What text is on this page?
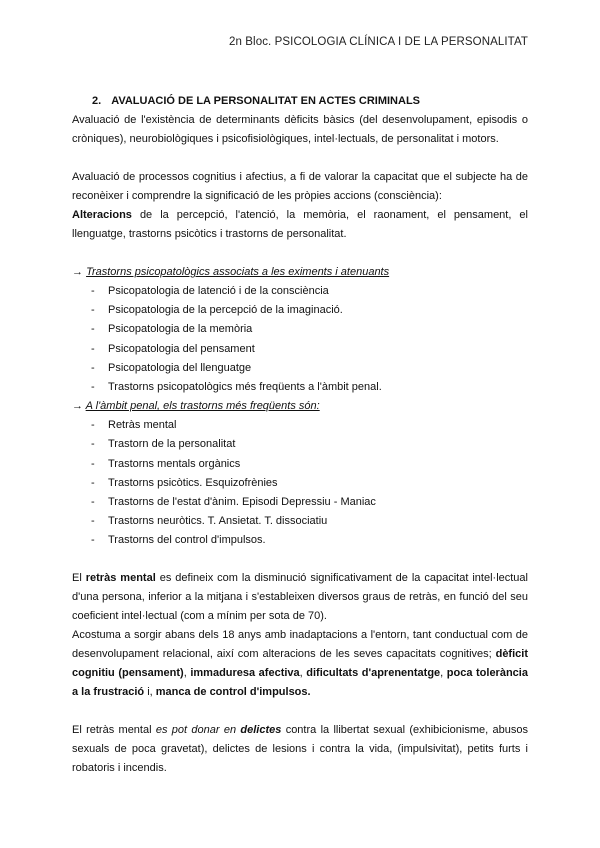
2n Bloc. PSICOLOGIA CLÍNICA I DE LA PERSONALITAT
2. AVALUACIÓ DE LA PERSONALITAT EN ACTES CRIMINALS

Avaluació de l'existència de determinants dèficits bàsics (del desenvolupament, episodis o cròniques), neurobiològiques i psicofisiològiques, intel·lectuals, de personalitat i motors.

Avaluació de processos cognitius i afectius, a fi de valorar la capacitat que el subjecte ha de reconèixer i comprendre la significació de les pròpies accions (consciència):

Alteracions de la percepció, l'atenció, la memòria, el raonament, el pensament, el llenguatge, trastorns psicòtics i trastorns de personalitat.

→ Trastorns psicopatològics associats a les eximents i atenuants
- Psicopatologia de latenció i de la consciència
- Psicopatologia de la percepció de la imaginació.
- Psicopatologia de la memòria
- Psicopatologia del pensament
- Psicopatologia del llenguatge
- Trastorns psicopatològics més freqüents a l'àmbit penal.
→ A l'àmbit penal, els trastorns més freqüents són:
- Retràs mental
- Trastorn de la personalitat
- Trastorns mentals orgànics
- Trastorns psicòtics. Esquizofrènies
- Trastorns de l'estat d'ànim. Episodi Depressiu - Maniac
- Trastorns neuròtics. T. Ansietat. T. dissociatiu
- Trastorns del control d'impulsos.

El retràs mental es defineix com la disminució significativament de la capacitat intel·lectual d'una persona, inferior a la mitjana i s'estableixen diversos graus de retràs, en funció del seu coeficient intel·lectual (com a mínim per sota de 70).

Acostuma a sorgir abans dels 18 anys amb inadaptacions a l'entorn, tant conductual com de desenvolupament relacional, així com alteracions de les seves capacitats cognitives; dèficit cognitiu (pensament), immaduresa afectiva, dificultats d'aprenentatge, poca tolerància a la frustració i, manca de control d'impulsos.

El retràs mental es pot donar en delictes contra la llibertat sexual (exhibicionisme, abusos sexuals de poca gravetat), delictes de lesions i contra la vida, (impulsivitat), petits furts i robatoris i incendis.
